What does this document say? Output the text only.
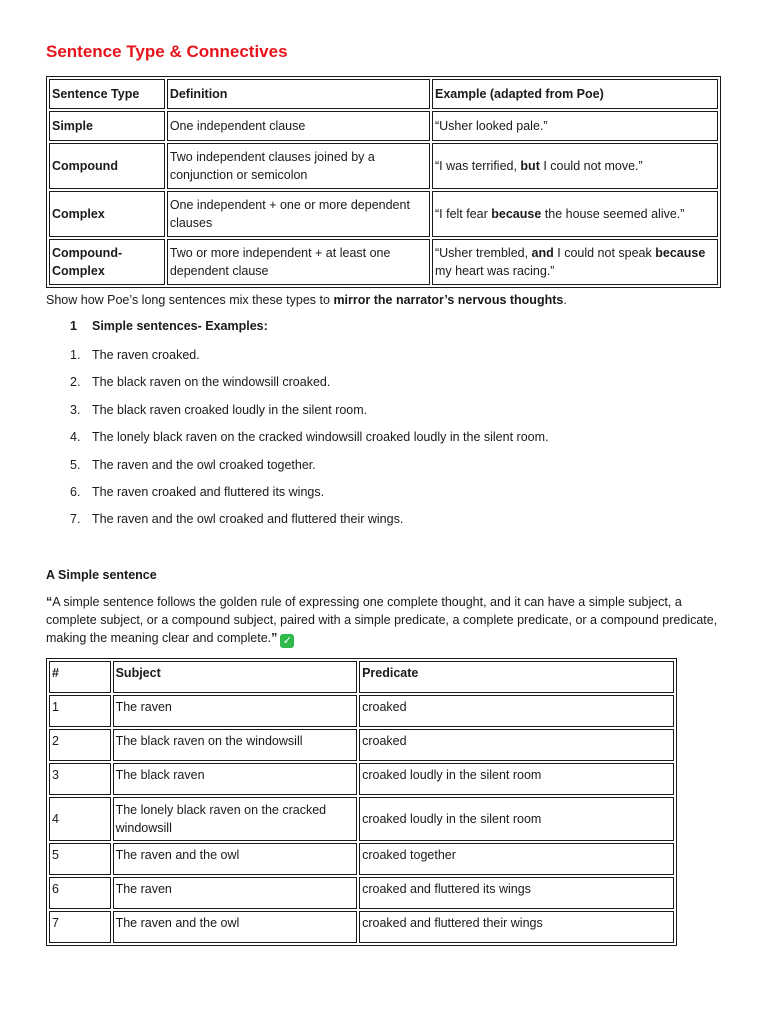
Sentence Type & Connectives
Sentence Type	Definition	Example (adapted from Poe)
Simple	One independent clause	“Usher looked pale.”
Compound	Two independent clauses joined by a conjunction or semicolon	“I was terrified, but I could not move.”
Complex	One independent + one or more dependent clauses	“I felt fear because the house seemed alive.”
Compound-Complex	Two or more independent + at least one dependent clause	“Usher trembled, and I could not speak because my heart was racing.”

Show how Poe’s long sentences mix these types to mirror the narrator’s nervous thoughts.

1 Simple sentences- Examples:
1. The raven croaked.
2. The black raven on the windowsill croaked.
3. The black raven croaked loudly in the silent room.
4. The lonely black raven on the cracked windowsill croaked loudly in the silent room.
5. The raven and the owl croaked together.
6. The raven croaked and fluttered its wings.
7. The raven and the owl croaked and fluttered their wings.

A Simple sentence

“A simple sentence follows the golden rule of expressing one complete thought, and it can have a simple subject, a complete subject, or a compound subject, paired with a simple predicate, a complete predicate, or a compound predicate, making the meaning clear and complete.” ✓

#	Subject	Predicate
1	The raven	croaked
2	The black raven on the windowsill	croaked
3	The black raven	croaked loudly in the silent room
4	The lonely black raven on the cracked windowsill	croaked loudly in the silent room
5	The raven and the owl	croaked together
6	The raven	croaked and fluttered its wings
7	The raven and the owl	croaked and fluttered their wings
